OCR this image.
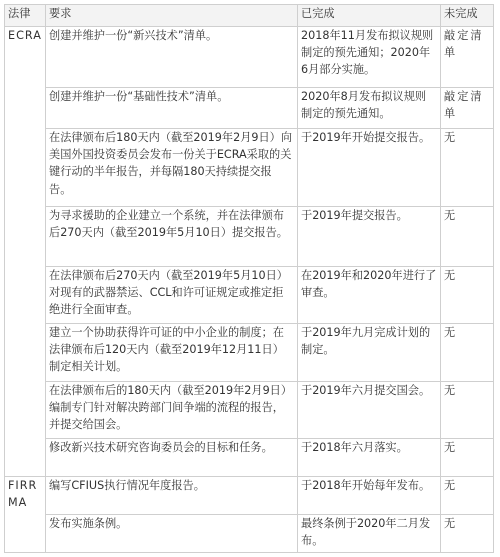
法律	要求	已完成	未完成
ECRA	创建并维护一份“新兴技术”清单。	2018年11月发布拟议规则制定的预先通知；2020年6月部分实施。	敲定清单
	创建并维护一份“基础性技术”清单。	2020年8月发布拟议规则制定的预先通知。	敲定清单
	在法律颁布后180天内（截至2019年2月9日）向美国外国投资委员会发布一份关于ECRA采取的关键行动的半年报告，并每隔180天持续提交报告。	于2019年开始提交报告。	无
	为寻求援助的企业建立一个系统，并在法律颁布后270天内（截至2019年5月10日）提交报告。	于2019年提交报告。	无
	在法律颁布后270天内（截至2019年5月10日）对现有的武器禁运、CCL和许可证规定或推定拒绝进行全面审查。	在2019年和2020年进行了审查。	无
	建立一个协助获得许可证的中小企业的制度；在法律颁布后120天内（截至2019年12月11日）制定相关计划。	于2019年九月完成计划的制定。	无
	在法律颁布后的180天内（截至2019年2月9日）编制专门针对解决跨部门间争端的流程的报告，并提交给国会。	于2019年六月提交国会。	无
	修改新兴技术研究咨询委员会的目标和任务。	于2018年六月落实。	无
FIRRMA	编写CFIUS执行情况年度报告。	于2018年开始每年发布。	无
	发布实施条例。	最终条例于2020年二月发布。	无
